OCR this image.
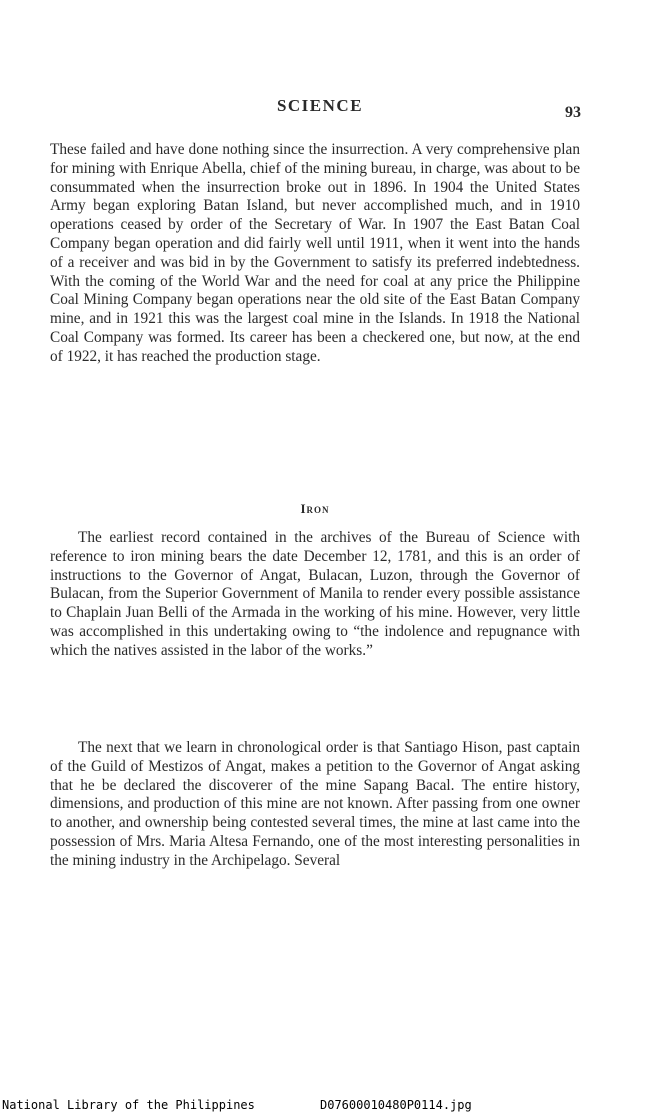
SCIENCE	93

These failed and have done nothing since the insurrection. A very comprehensive plan for mining with Enrique Abella, chief of the mining bureau, in charge, was about to be consummated when the insurrection broke out in 1896. In 1904 the United States Army began exploring Batan Island, but never accomplished much, and in 1910 operations ceased by order of the Secretary of War. In 1907 the East Batan Coal Company began operation and did fairly well until 1911, when it went into the hands of a receiver and was bid in by the Government to satisfy its preferred indebtedness. With the coming of the World War and the need for coal at any price the Philippine Coal Mining Company began operations near the old site of the East Batan Company mine, and in 1921 this was the largest coal mine in the Islands. In 1918 the National Coal Company was formed. Its career has been a checkered one, but now, at the end of 1922, it has reached the production stage.

Iron

The earliest record contained in the archives of the Bureau of Science with reference to iron mining bears the date December 12, 1781, and this is an order of instructions to the Governor of Angat, Bulacan, Luzon, through the Governor of Bulacan, from the Superior Government of Manila to render every possible assistance to Chaplain Juan Belli of the Armada in the working of his mine. However, very little was accomplished in this undertaking owing to “the indolence and repugnance with which the natives assisted in the labor of the works.”

The next that we learn in chronological order is that Santiago Hison, past captain of the Guild of Mestizos of Angat, makes a petition to the Governor of Angat asking that he be declared the discoverer of the mine Sapang Bacal. The entire history, dimensions, and production of this mine are not known. After passing from one owner to another, and ownership being contested several times, the mine at last came into the possession of Mrs. Maria Altesa Fernando, one of the most interesting personalities in the mining industry in the Archipelago. Several

National Library of the Philippines	D07600010480P0114.jpg
